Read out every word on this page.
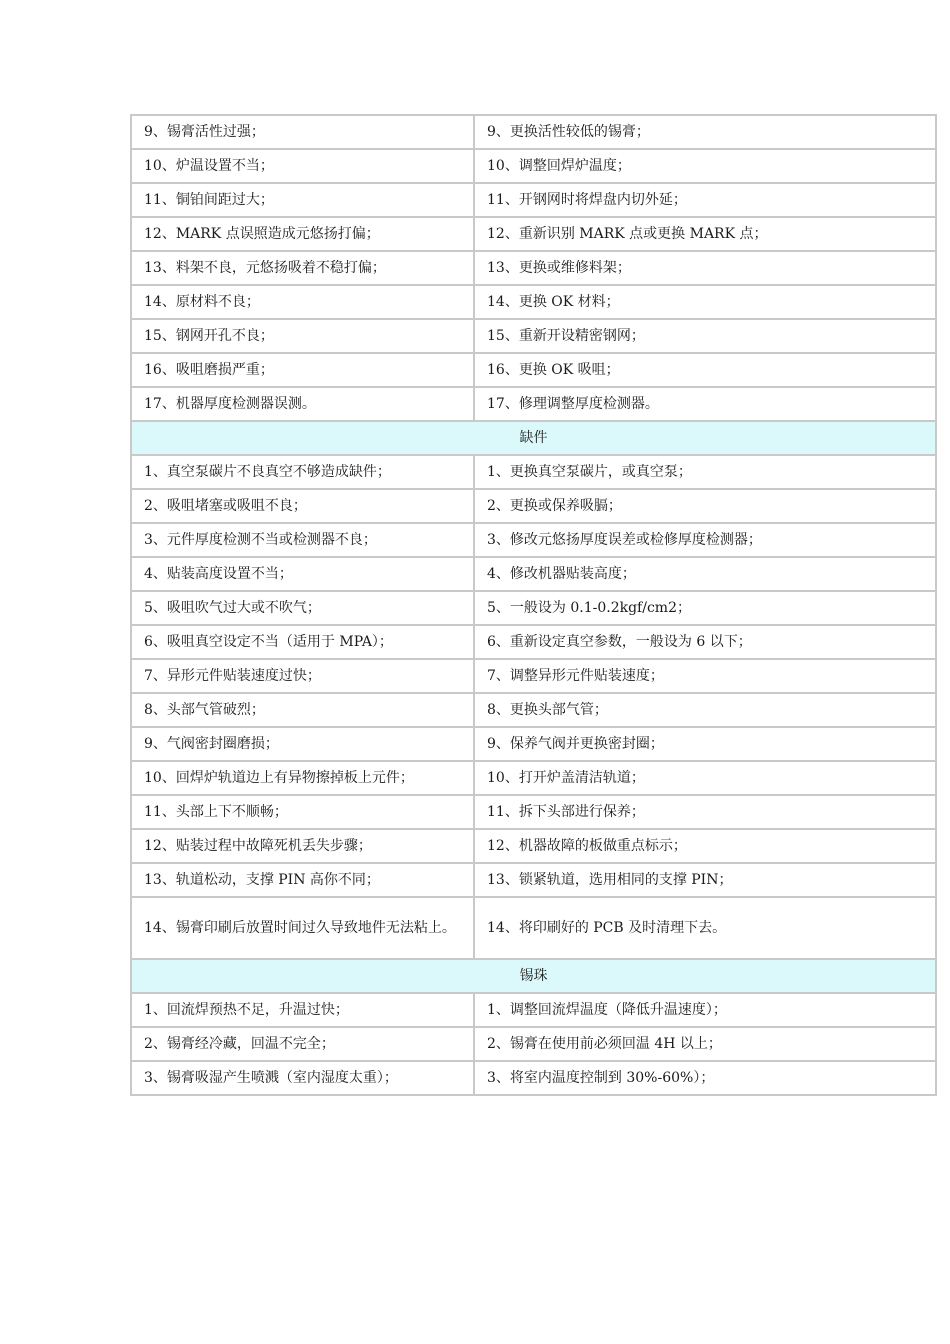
9、锡膏活性过强；	9、更换活性较低的锡膏；
10、炉温设置不当；	10、调整回焊炉温度；
11、铜铂间距过大；	11、开钢网时将焊盘内切外延；
12、MARK 点误照造成元悠扬打偏；	12、重新识别 MARK 点或更换 MARK 点；
13、料架不良，元悠扬吸着不稳打偏；	13、更换或维修料架；
14、原材料不良；	14、更换 OK 材料；
15、钢网开孔不良；	15、重新开设精密钢网；
16、吸咀磨损严重；	16、更换 OK 吸咀；
17、机器厚度检测器误测。	17、修理调整厚度检测器。
缺件	
1、真空泵碳片不良真空不够造成缺件；	1、更换真空泵碳片，或真空泵；
2、吸咀堵塞或吸咀不良；	2、更换或保养吸膈；
3、元件厚度检测不当或检测器不良；	3、修改元悠扬厚度误差或检修厚度检测器；
4、贴装高度设置不当；	4、修改机器贴装高度；
5、吸咀吹气过大或不吹气；	5、一般设为 0.1-0.2kgf/cm2；
6、吸咀真空设定不当（适用于 MPA）；	6、重新设定真空参数，一般设为 6 以下；
7、异形元件贴装速度过快；	7、调整异形元件贴装速度；
8、头部气管破烈；	8、更换头部气管；
9、气阀密封圈磨损；	9、保养气阀并更换密封圈；
10、回焊炉轨道边上有异物擦掉板上元件；	10、打开炉盖清洁轨道；
11、头部上下不顺畅；	11、拆下头部进行保养；
12、贴装过程中故障死机丢失步骤；	12、机器故障的板做重点标示；
13、轨道松动，支撑 PIN 高你不同；	13、锁紧轨道，选用相同的支撑 PIN；
14、锡膏印刷后放置时间过久导致地件无法粘上。	14、将印刷好的 PCB 及时清理下去。
锡珠	
1、回流焊预热不足，升温过快；	1、调整回流焊温度（降低升温速度）；
2、锡膏经冷藏，回温不完全；	2、锡膏在使用前必须回温 4H 以上；
3、锡膏吸湿产生喷溅（室内湿度太重）；	3、将室内温度控制到 30%-60%）；
